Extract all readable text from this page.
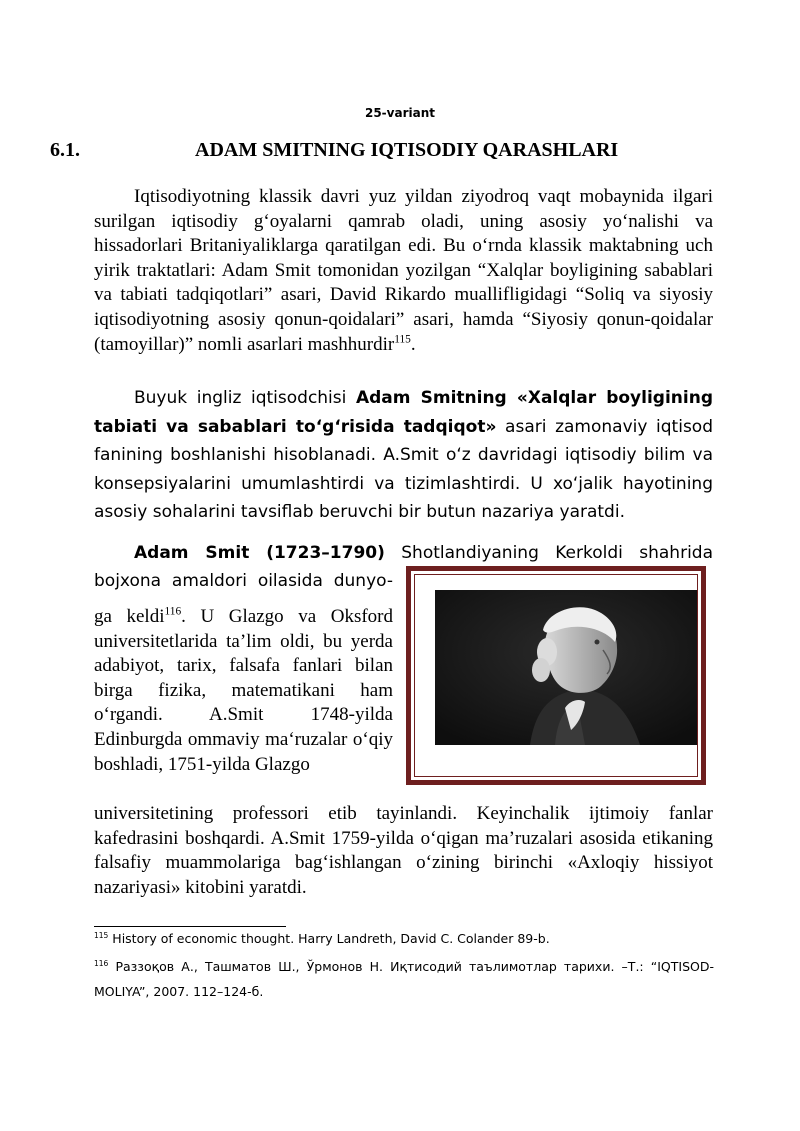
25-variant
6.1.	ADAM SMITNING IQTISODIY QARASHLARI
Iqtisodiyotning klassik davri yuz yildan ziyodroq vaqt mobaynida ilgari surilgan iqtisodiy g‘oyalarni qamrab oladi, uning asosiy yo‘nalishi va hissadorlari Britaniyaliklarga qaratilgan edi. Bu o‘rnda klassik maktabning uch yirik traktatlari: Adam Smit tomonidan yozilgan “Xalqlar boyligining sabablari va tabiati tadqiqotlari” asari, David Rikardo muallifligidagi “Soliq va siyosiy iqtisodiyotning asosiy qonun-qoidalari” asari, hamda “Siyosiy qonun-qoidalar (tamoyillar)” nomli asarlari mashhurdir$^{115}$.
Buyuk ingliz iqtisodchisi Adam Smitning «Xalqlar boyligining tabiati va sabablari to‘g‘risida tadqiqot» asari zamonaviy iqtisod fanining boshlanishi hisoblanadi. A.Smit o‘z davridagi iqtisodiy bilim va konsepsiyalarini umumlashtirdi va tizimlashtirdi. U xo‘jalik hayotining asosiy sohalarini tavsiflab beruvchi bir butun nazariya yaratdi.
Adam Smit (1723–1790) Shotlandiyaning Kerkoldi shahrida
bojxona amaldori oilasida dunyo-
ga keldi$^{116}$. U Glazgo va Oksford universitetlarida ta’lim oldi, bu yerda adabiyot, tarix, falsafa fanlari bilan birga fizika, matematikani ham o‘rgandi. A.Smit 1748-yilda Edinburgda ommaviy ma‘ruzalar o‘qiy boshladi, 1751-yilda Glazgo
universitetining professori etib tayinlandi. Keyinchalik ijtimoiy fanlar kafedrasini boshqardi. A.Smit 1759-yilda o‘qigan ma’ruzalari asosida etikaning falsafiy muammolariga bag‘ishlangan o‘zining birinchi «Axloqiy hissiyot nazariyasi» kitobini yaratdi.
$^{115}$ History of economic thought. Harry Landreth, David C. Colander 89-b.
$^{116}$ Раззоқов А., Ташматов Ш., Ўрмонов Н. Иқтисодий таълимотлар тарихи. –Т.: “IQTISOD- MOLIYA”, 2007. 112–124-б.
